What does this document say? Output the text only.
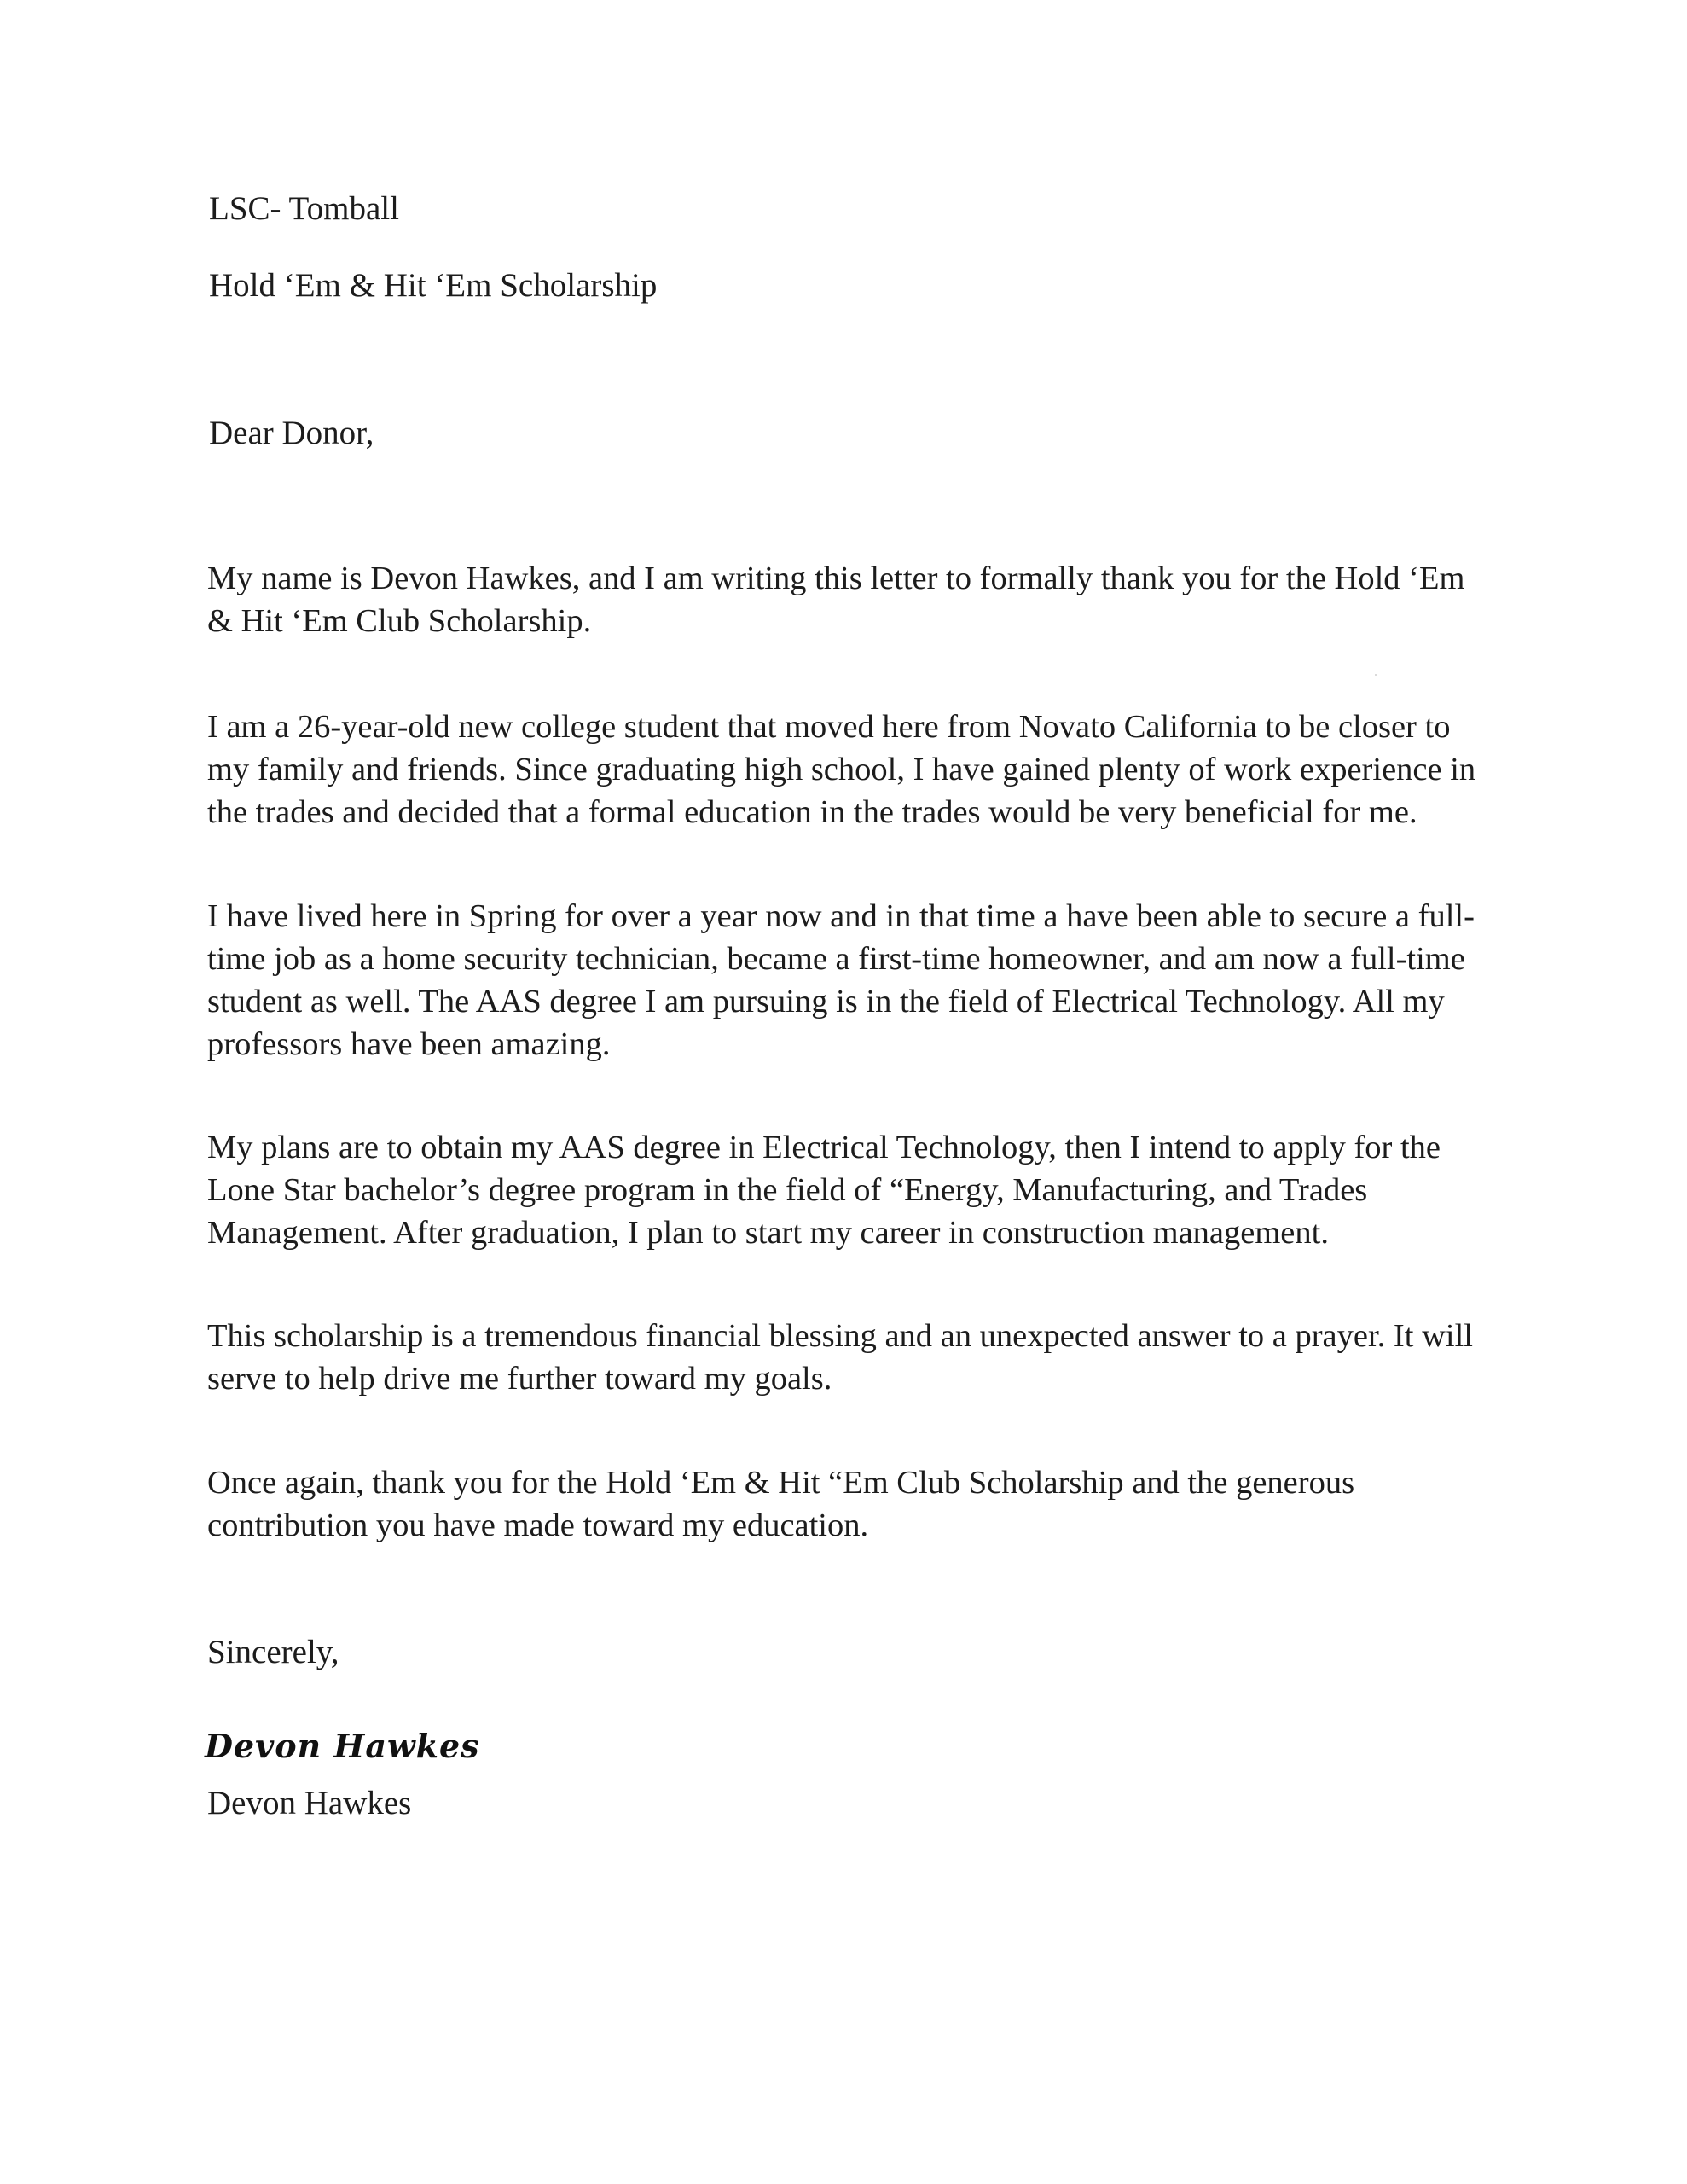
LSC- Tomball

Hold ‘Em & Hit ‘Em Scholarship

Dear Donor,

My name is Devon Hawkes, and I am writing this letter to formally thank you for the Hold ‘Em & Hit ‘Em Club Scholarship.

I am a 26-year-old new college student that moved here from Novato California to be closer to my family and friends. Since graduating high school, I have gained plenty of work experience in the trades and decided that a formal education in the trades would be very beneficial for me.

I have lived here in Spring for over a year now and in that time a have been able to secure a full-time job as a home security technician, became a first-time homeowner, and am now a full-time student as well. The AAS degree I am pursuing is in the field of Electrical Technology. All my professors have been amazing.

My plans are to obtain my AAS degree in Electrical Technology, then I intend to apply for the Lone Star bachelor’s degree program in the field of “Energy, Manufacturing, and Trades Management. After graduation, I plan to start my career in construction management.

This scholarship is a tremendous financial blessing and an unexpected answer to a prayer. It will serve to help drive me further toward my goals.

Once again, thank you for the Hold ‘Em & Hit “Em Club Scholarship and the generous contribution you have made toward my education.

Sincerely,

Devon Hawkes

Devon Hawkes
